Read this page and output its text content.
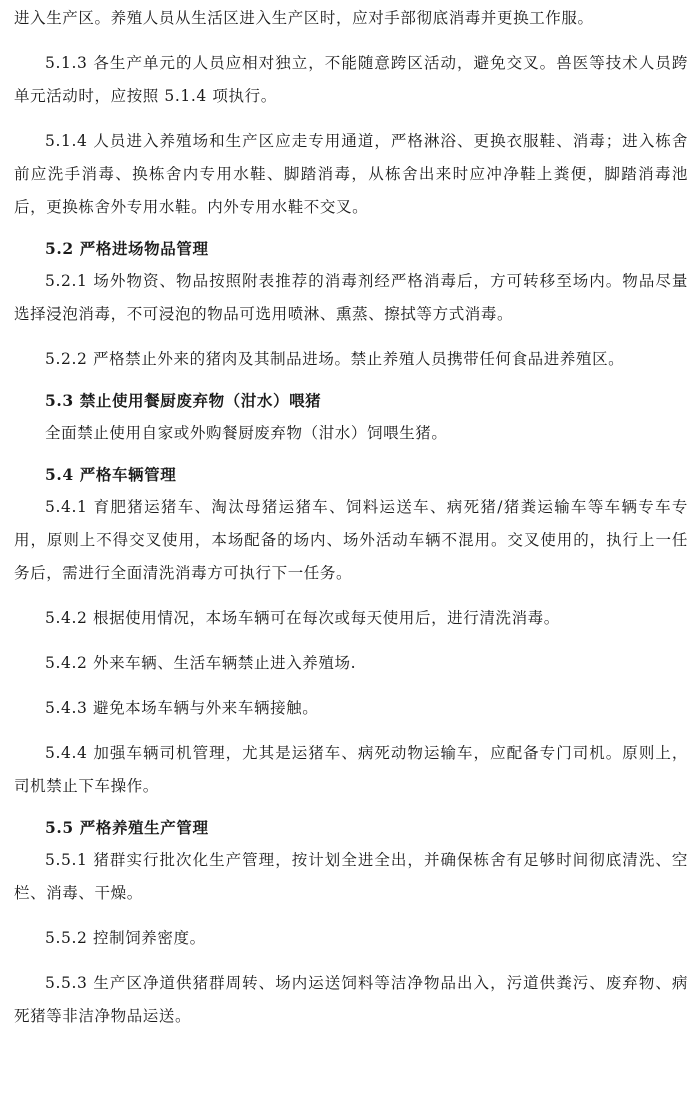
进入生产区。养殖人员从生活区进入生产区时，应对手部彻底消毒并更换工作服。

5.1.3 各生产单元的人员应相对独立，不能随意跨区活动，避免交叉。兽医等技术人员跨单元活动时，应按照 5.1.4 项执行。

5.1.4 人员进入养殖场和生产区应走专用通道，严格淋浴、更换衣服鞋、消毒；进入栋舍前应洗手消毒、换栋舍内专用水鞋、脚踏消毒，从栋舍出来时应冲净鞋上粪便，脚踏消毒池后，更换栋舍外专用水鞋。内外专用水鞋不交叉。

5.2 严格进场物品管理

5.2.1 场外物资、物品按照附表推荐的消毒剂经严格消毒后，方可转移至场内。物品尽量选择浸泡消毒，不可浸泡的物品可选用喷淋、熏蒸、擦拭等方式消毒。

5.2.2 严格禁止外来的猪肉及其制品进场。禁止养殖人员携带任何食品进养殖区。

5.3 禁止使用餐厨废弃物（泔水）喂猪

全面禁止使用自家或外购餐厨废弃物（泔水）饲喂生猪。

5.4 严格车辆管理

5.4.1 育肥猪运猪车、淘汰母猪运猪车、饲料运送车、病死猪/猪粪运输车等车辆专车专用，原则上不得交叉使用，本场配备的场内、场外活动车辆不混用。交叉使用的，执行上一任务后，需进行全面清洗消毒方可执行下一任务。

5.4.2 根据使用情况，本场车辆可在每次或每天使用后，进行清洗消毒。

5.4.2 外来车辆、生活车辆禁止进入养殖场.

5.4.3 避免本场车辆与外来车辆接触。

5.4.4 加强车辆司机管理，尤其是运猪车、病死动物运输车，应配备专门司机。原则上，司机禁止下车操作。

5.5 严格养殖生产管理

5.5.1 猪群实行批次化生产管理，按计划全进全出，并确保栋舍有足够时间彻底清洗、空栏、消毒、干燥。

5.5.2 控制饲养密度。

5.5.3 生产区净道供猪群周转、场内运送饲料等洁净物品出入，污道供粪污、废弃物、病死猪等非洁净物品运送。
